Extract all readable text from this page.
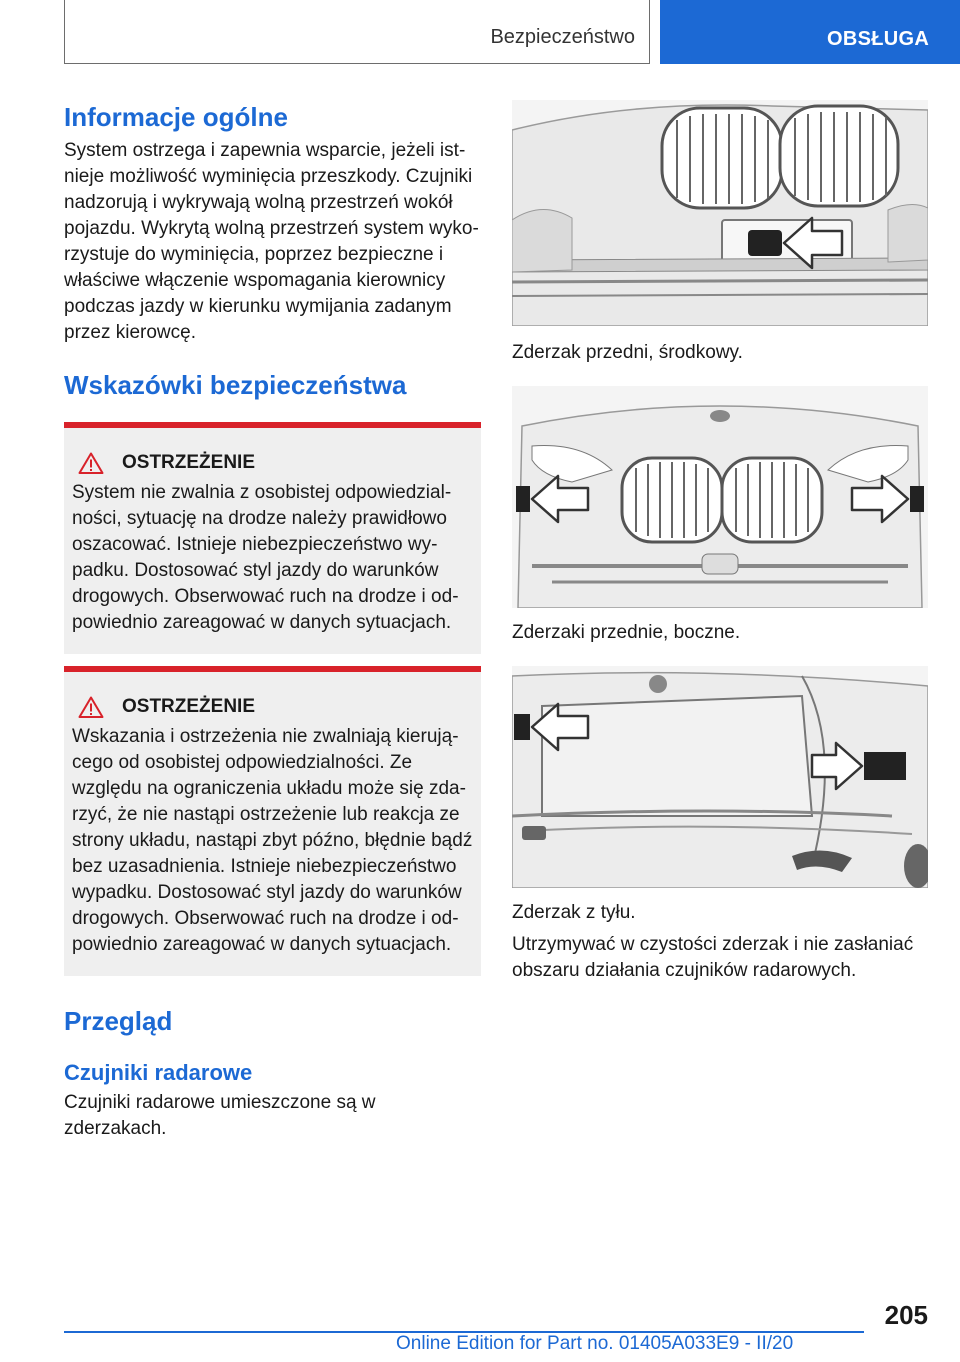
Bezpieczeństwo	OBSŁUGA
Informacje ogólne

System ostrzega i zapewnia wsparcie, jeżeli istnieje możliwość wyminięcia przeszkody. Czujniki nadzorują i wykrywają wolną przestrzeń wokół pojazdu. Wykrytą wolną przestrzeń system wykorzystuje do wyminięcia, poprzez bezpieczne i właściwe włączenie wspomagania kierownicy podczas jazdy w kierunku wymijania zadanym przez kierowcę.

Wskazówki bezpieczeństwa
OSTRZEŻENIE

System nie zwalnia z osobistej odpowiedzialności, sytuację na drodze należy prawidłowo oszacować. Istnieje niebezpieczeństwo wypadku. Dostosować styl jazdy do warunków drogowych. Obserwować ruch na drodze i odpowiednio zareagować w danych sytuacjach.

OSTRZEŻENIE

Wskazania i ostrzeżenia nie zwalniają kierującego od osobistej odpowiedzialności. Ze względu na ograniczenia układu może się zdarzyć, że nie nastąpi ostrzeżenie lub reakcja ze strony układu, nastąpi zbyt późno, błędnie bądź bez uzasadnienia. Istnieje niebezpieczeństwo wypadku. Dostosować styl jazdy do warunków drogowych. Obserwować ruch na drodze i odpowiednio zareagować w danych sytuacjach.

Przegląd
Czujniki radarowe

Czujniki radarowe umieszczone są w zderzakach.

Zderzak przedni, środkowy.

Zderzaki przednie, boczne.

Zderzak z tyłu.

Utrzymywać w czystości zderzak i nie zasłaniać obszaru działania czujników radarowych.

205
Online Edition for Part no. 01405A033E9 - II/20
